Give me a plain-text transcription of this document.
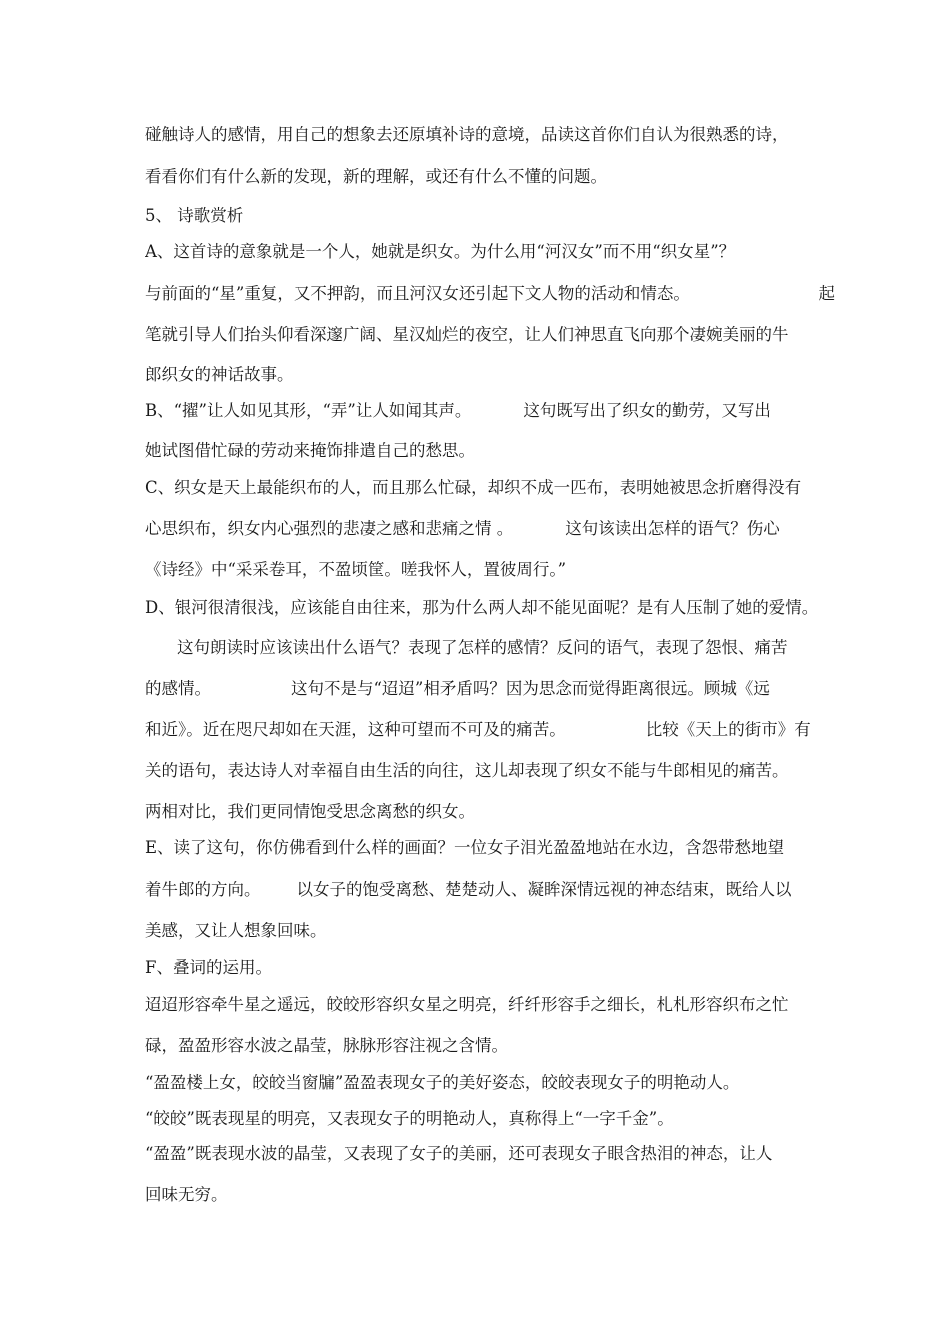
碰触诗人的感情，用自己的想象去还原填补诗的意境，品读这首你们自认为很熟悉的诗，
看看你们有什么新的发现，新的理解，或还有什么不懂的问题。
5、 诗歌赏析
A、这首诗的意象就是一个人，她就是织女。为什么用“河汉女”而不用“织女星”？
与前面的“星”重复，又不押韵，而且河汉女还引起下文人物的活动和情态。	起
笔就引导人们抬头仰看深邃广阔、星汉灿烂的夜空，让人们神思直飞向那个凄婉美丽的牛
郎织女的神话故事。
B、“擢”让人如见其形，“弄”让人如闻其声。	这句既写出了织女的勤劳，又写出
她试图借忙碌的劳动来掩饰排遣自己的愁思。
C、织女是天上最能织布的人，而且那么忙碌，却织不成一匹布，表明她被思念折磨得没有
心思织布，织女内心强烈的悲凄之感和悲痛之情 。	这句该读出怎样的语气？伤心
《诗经》中“采采卷耳，不盈顷筐。嗟我怀人，置彼周行。”
D、银河很清很浅，应该能自由往来，那为什么两人却不能见面呢？是有人压制了她的爱情。
这句朗读时应该读出什么语气？表现了怎样的感情？反问的语气，表现了怨恨、痛苦
的感情。	这句不是与“迢迢”相矛盾吗？因为思念而觉得距离很远。顾城《远
和近》。近在咫尺却如在天涯，这种可望而不可及的痛苦。	比较《天上的街市》有
关的语句，表达诗人对幸福自由生活的向往，这儿却表现了织女不能与牛郎相见的痛苦。
两相对比，我们更同情饱受思念离愁的织女。
E、读了这句，你仿佛看到什么样的画面？一位女子泪光盈盈地站在水边，含怨带愁地望
着牛郎的方向。 以女子的饱受离愁、楚楚动人、凝眸深情远视的神态结束，既给人以
美感，又让人想象回味。
F、叠词的运用。
迢迢形容牵牛星之遥远，皎皎形容织女星之明亮，纤纤形容手之细长，札札形容织布之忙
碌，盈盈形容水波之晶莹，脉脉形容注视之含情。
“盈盈楼上女，皎皎当窗牖”盈盈表现女子的美好姿态，皎皎表现女子的明艳动人。
“皎皎”既表现星的明亮，又表现女子的明艳动人，真称得上“一字千金”。
“盈盈”既表现水波的晶莹，又表现了女子的美丽，还可表现女子眼含热泪的神态，让人
回味无穷。
